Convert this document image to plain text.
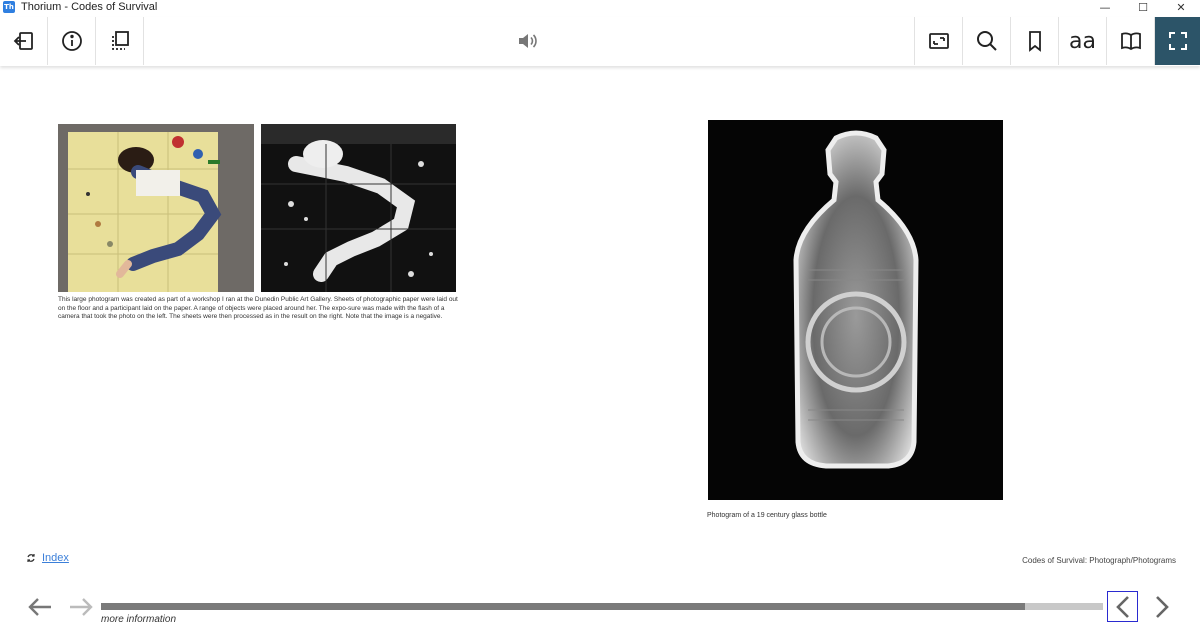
Th Thorium - Codes of Survival	—	☐	✕
aa
This large photogram was created as part of a workshop I ran at the Dunedin Public Art Gallery. Sheets of photographic paper were laid out on the floor and a participant laid on the paper. A range of objects were placed around her. The expo-sure was made with the flash of a camera that took the photo on the left. The sheets were then processed as in the result on the right. Note that the image is a negative.
Photogram of a 19 century glass bottle
Index	Codes of Survival: Photograph/Photograms
more information
